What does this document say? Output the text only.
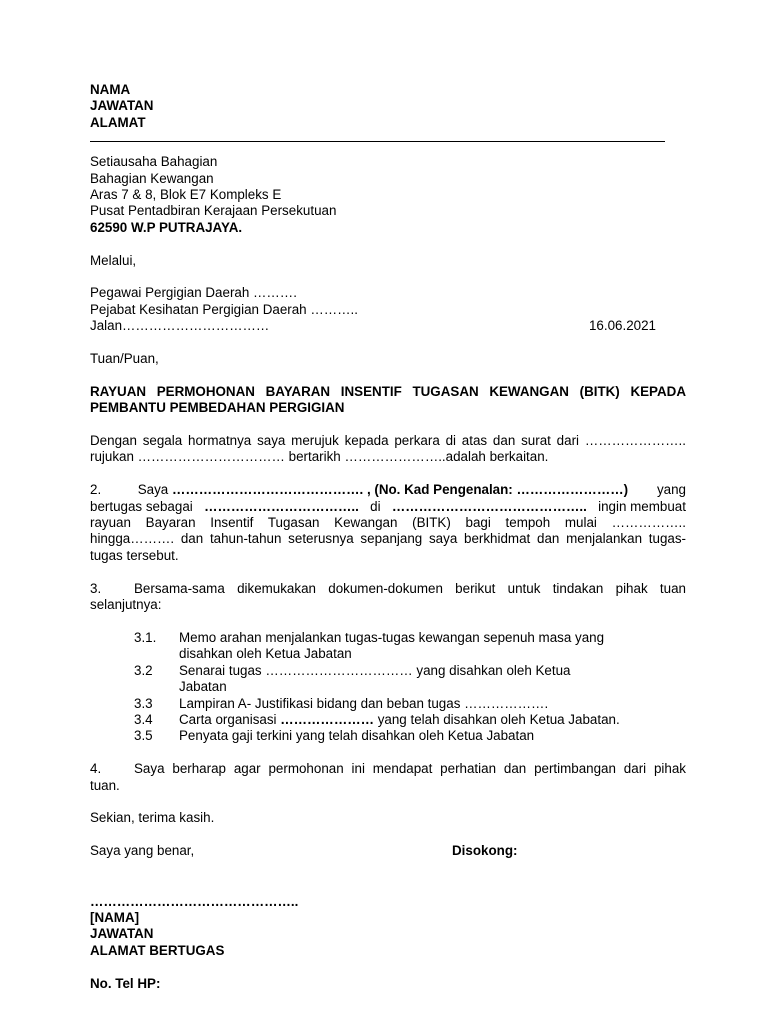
NAMA
JAWATAN
ALAMAT
Setiausaha Bahagian
Bahagian Kewangan
Aras 7 & 8, Blok E7 Kompleks E
Pusat Pentadbiran Kerajaan Persekutuan
62590 W.P PUTRAJAYA.
Melalui,
Pegawai Pergigian Daerah ……….
Pejabat Kesihatan Pergigian Daerah ………..
Jalan……………………………	16.06.2021
Tuan/Puan,
RAYUAN PERMOHONAN BAYARAN INSENTIF TUGASAN KEWANGAN (BITK) KEPADA
PEMBANTU PEMBEDAHAN PERGIGIAN
Dengan segala hormatnya saya merujuk kepada perkara di atas dan surat dari …………………..
rujukan …………………………… bertarikh …………………..adalah berkaitan.
2.	Saya ……………………………………. , (No. Kad Pengenalan: ……………………) yang
bertugas sebagai …………………………….. di …………………………………….. ingin membuat
rayuan Bayaran Insentif Tugasan Kewangan (BITK) bagi tempoh mulai ……………..
hingga………. dan tahun-tahun seterusnya sepanjang saya berkhidmat dan menjalankan tugas-
tugas tersebut.
3.	Bersama-sama dikemukakan dokumen-dokumen berikut untuk tindakan pihak tuan
selanjutnya:
3.1.	Memo arahan menjalankan tugas-tugas kewangan sepenuh masa yang
disahkan oleh Ketua Jabatan
3.2	Senarai tugas …………………………… yang disahkan oleh Ketua
Jabatan
3.3	Lampiran A- Justifikasi bidang dan beban tugas ……………….
3.4	Carta organisasi ………………… yang telah disahkan oleh Ketua Jabatan.
3.5	Penyata gaji terkini yang telah disahkan oleh Ketua Jabatan
4.	Saya berharap agar permohonan ini mendapat perhatian dan pertimbangan dari pihak
tuan.
Sekian, terima kasih.
Saya yang benar,	Disokong:
………………………………………..
[NAMA]
JAWATAN
ALAMAT BERTUGAS
No. Tel HP:
